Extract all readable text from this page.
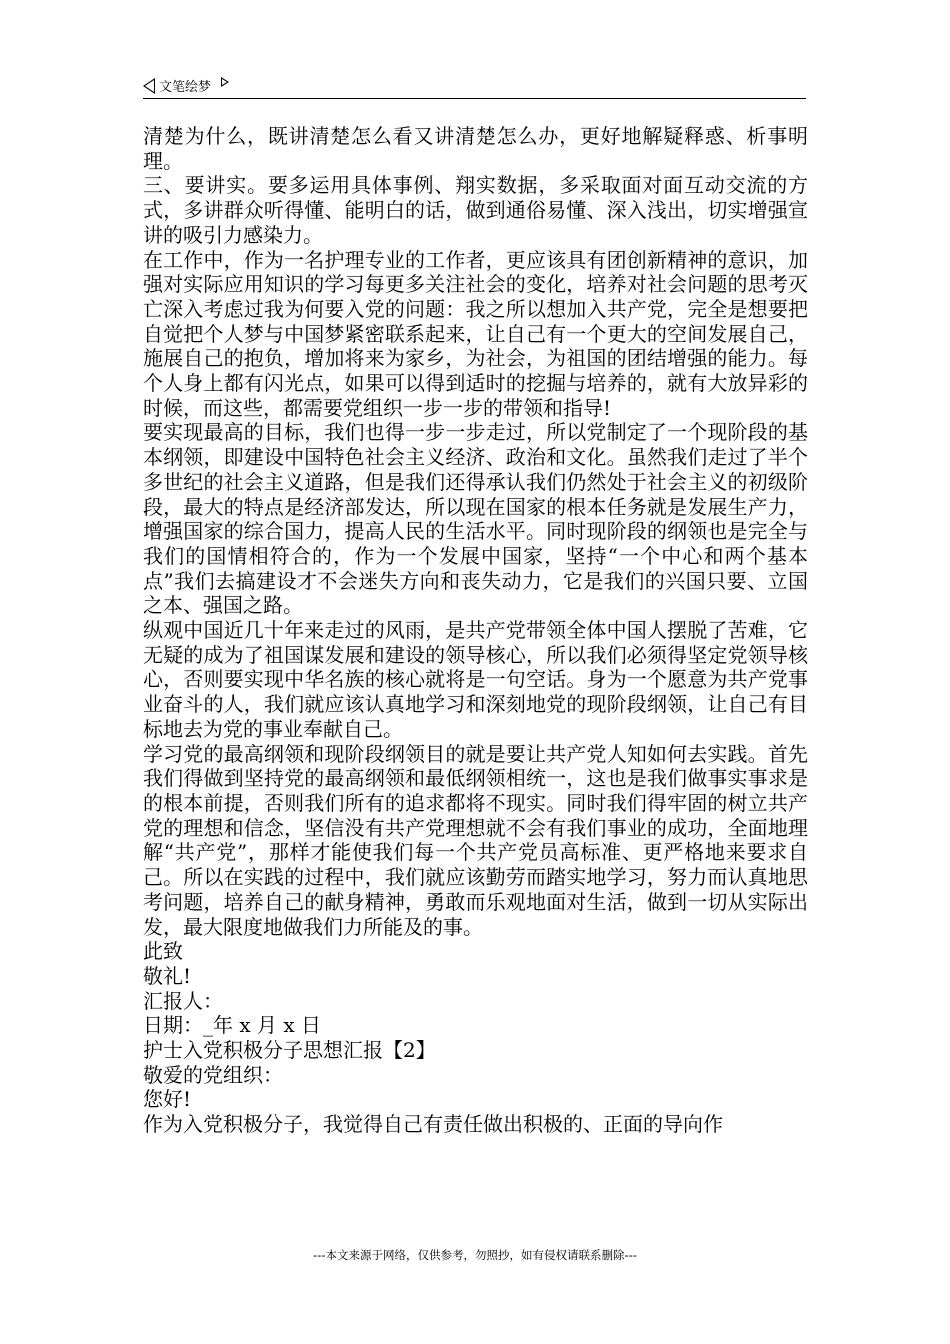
文笔绘梦

清楚为什么，既讲清楚怎么看又讲清楚怎么办，更好地解疑释惑、析事明理。

三、要讲实。要多运用具体事例、翔实数据，多采取面对面互动交流的方式，多讲群众听得懂、能明白的话，做到通俗易懂、深入浅出，切实增强宣讲的吸引力感染力。

在工作中，作为一名护理专业的工作者，更应该具有团创新精神的意识，加强对实际应用知识的学习每更多关注社会的变化，培养对社会问题的思考灭亡深入考虑过我为何要入党的问题：我之所以想加入共产党，完全是想要把自觉把个人梦与中国梦紧密联系起来，让自己有一个更大的空间发展自己，施展自己的抱负，增加将来为家乡，为社会，为祖国的团结增强的能力。每个人身上都有闪光点，如果可以得到适时的挖掘与培养的，就有大放异彩的时候，而这些，都需要党组织一步一步的带领和指导!

要实现最高的目标，我们也得一步一步走过，所以党制定了一个现阶段的基本纲领，即建设中国特色社会主义经济、政治和文化。虽然我们走过了半个多世纪的社会主义道路，但是我们还得承认我们仍然处于社会主义的初级阶段，最大的特点是经济部发达，所以现在国家的根本任务就是发展生产力，增强国家的综合国力，提高人民的生活水平。同时现阶段的纲领也是完全与我们的国情相符合的，作为一个发展中国家，坚持“一个中心和两个基本点”我们去搞建设才不会迷失方向和丧失动力，它是我们的兴国只要、立国之本、强国之路。

纵观中国近几十年来走过的风雨，是共产党带领全体中国人摆脱了苦难，它无疑的成为了祖国谋发展和建设的领导核心，所以我们必须得坚定党领导核心，否则要实现中华名族的核心就将是一句空话。身为一个愿意为共产党事业奋斗的人，我们就应该认真地学习和深刻地党的现阶段纲领，让自己有目标地去为党的事业奉献自己。

学习党的最高纲领和现阶段纲领目的就是要让共产党人知如何去实践。首先我们得做到坚持党的最高纲领和最低纲领相统一，这也是我们做事实事求是的根本前提，否则我们所有的追求都将不现实。同时我们得牢固的树立共产党的理想和信念，坚信没有共产党理想就不会有我们事业的成功，全面地理解“共产党”，那样才能使我们每一个共产党员高标准、更严格地来要求自己。所以在实践的过程中，我们就应该勤劳而踏实地学习，努力而认真地思考问题，培养自己的献身精神，勇敢而乐观地面对生活，做到一切从实际出发，最大限度地做我们力所能及的事。

此致

敬礼!

汇报人：

日期：_年 x 月 x 日

护士入党积极分子思想汇报【2】

敬爱的党组织：

您好!

作为入党积极分子，我觉得自己有责任做出积极的、正面的导向作

---本文来源于网络，仅供参考，勿照抄，如有侵权请联系删除---
